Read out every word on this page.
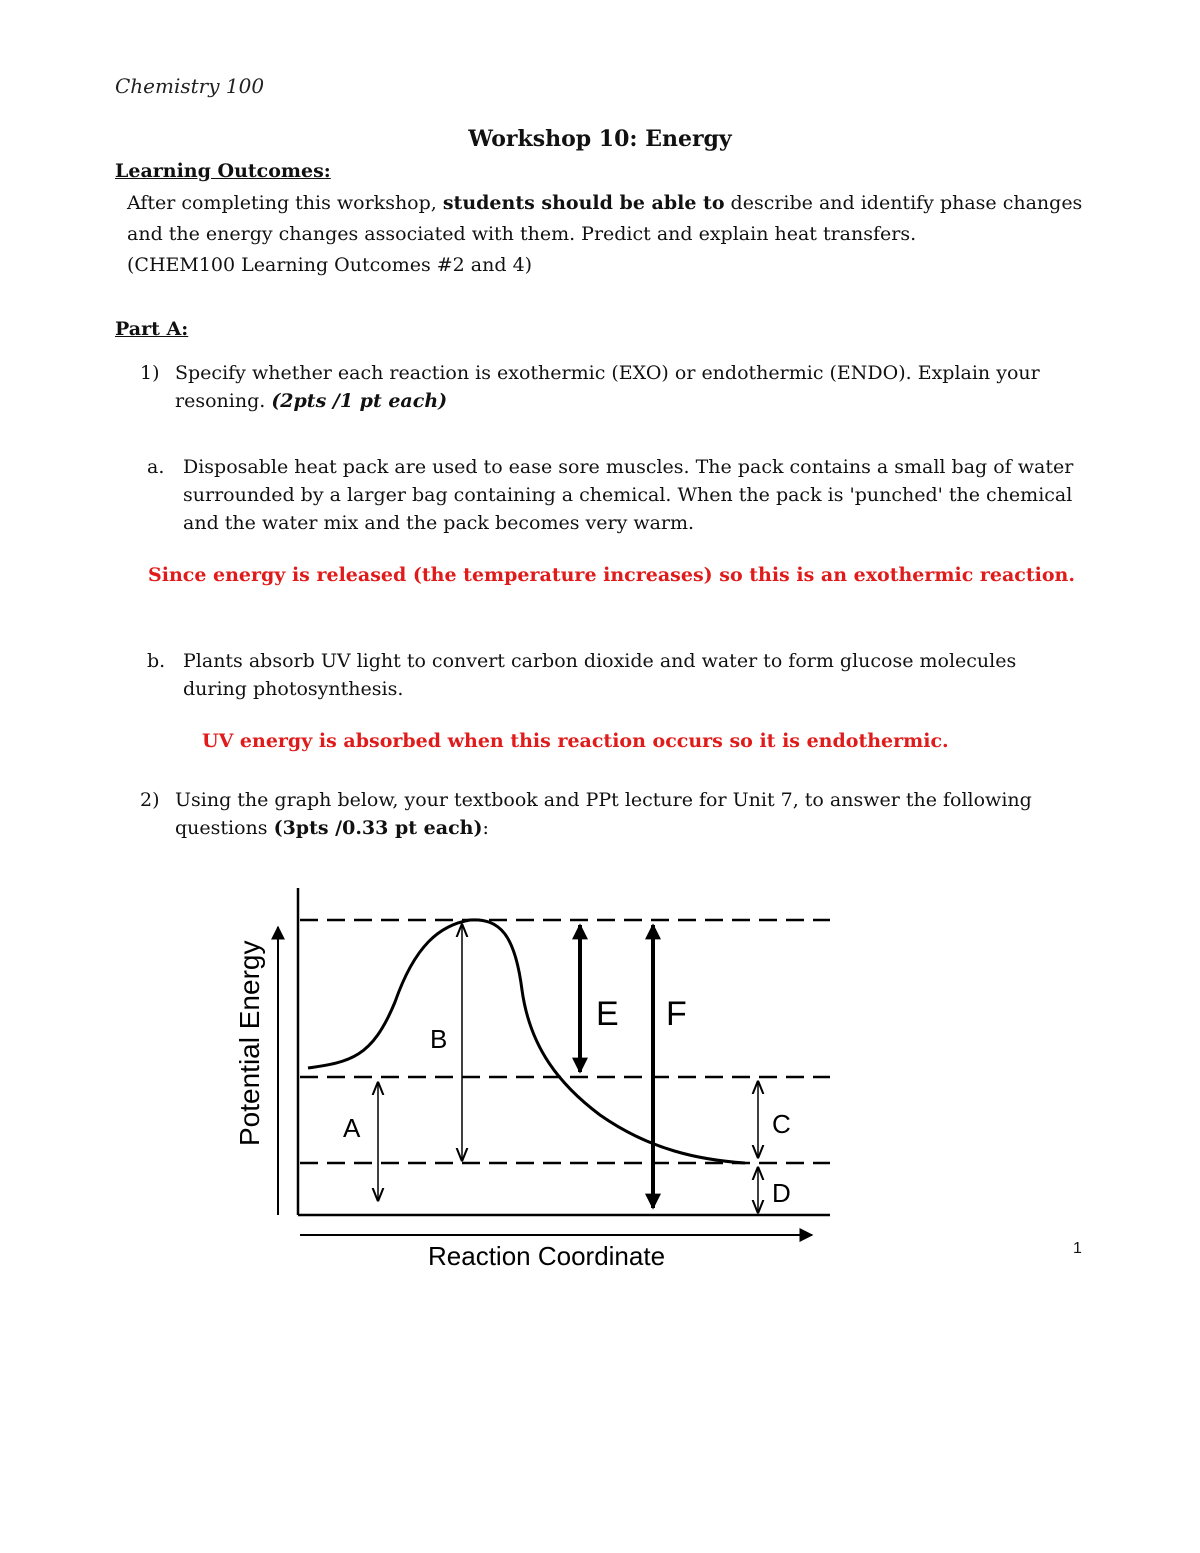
Chemistry 100
Workshop 10: Energy
Learning Outcomes:
After completing this workshop, students should be able to describe and identify phase changes and the energy changes associated with them. Predict and explain heat transfers.
(CHEM100 Learning Outcomes #2 and 4)
Part A:
1) Specify whether each reaction is exothermic (EXO) or endothermic (ENDO). Explain your resoning. (2pts /1 pt each)
a. Disposable heat pack are used to ease sore muscles. The pack contains a small bag of water surrounded by a larger bag containing a chemical. When the pack is 'punched' the chemical and the water mix and the pack becomes very warm.
Since energy is released (the temperature increases) so this is an exothermic reaction.
b. Plants absorb UV light to convert carbon dioxide and water to form glucose molecules during photosynthesis.
UV energy is absorbed when this reaction occurs so it is endothermic.
2) Using the graph below, your textbook and PPt lecture for Unit 7, to answer the following questions (3pts /0.33 pt each):
A
B
C
D
E F
Potential Energy
Reaction Coordinate	1
